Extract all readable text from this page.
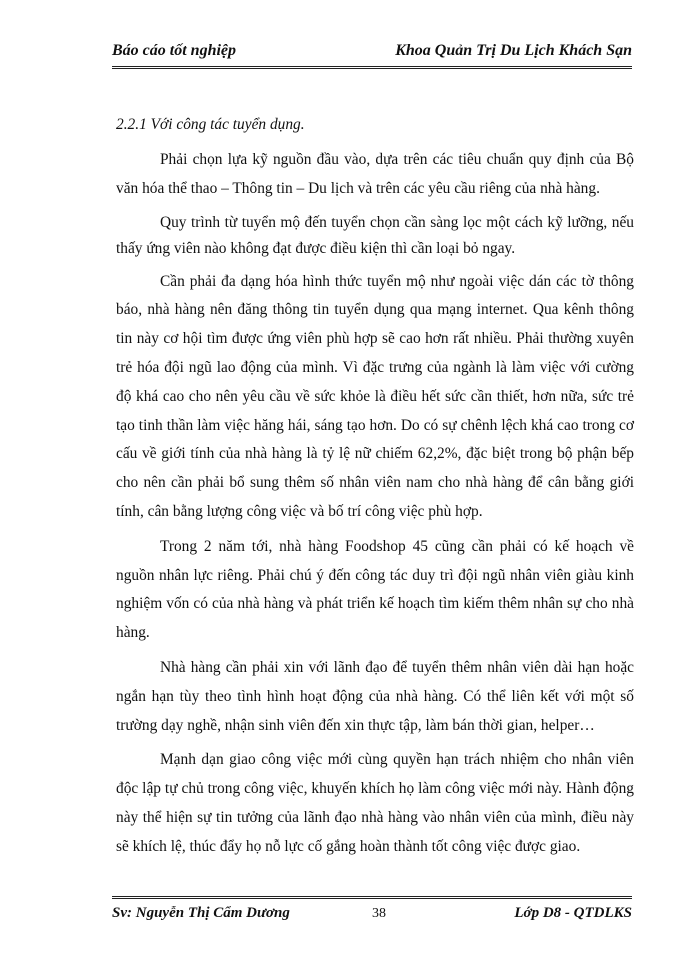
Báo cáo tốt nghiệp	Khoa Quản Trị Du Lịch Khách Sạn
2.2.1 Với công tác tuyển dụng.

Phải chọn lựa kỹ nguồn đầu vào, dựa trên các tiêu chuẩn quy định của Bộ văn hóa thể thao – Thông tin – Du lịch và trên các yêu cầu riêng của nhà hàng.

Quy trình từ tuyển mộ đến tuyển chọn cần sàng lọc một cách kỹ lưỡng, nếu thấy ứng viên nào không đạt được điều kiện thì cần loại bỏ ngay.

Cần phải đa dạng hóa hình thức tuyển mộ như ngoài việc dán các tờ thông báo, nhà hàng nên đăng thông tin tuyển dụng qua mạng internet. Qua kênh thông tin này cơ hội tìm được ứng viên phù hợp sẽ cao hơn rất nhiều. Phải thường xuyên trẻ hóa đội ngũ lao động của mình. Vì đặc trưng của ngành là làm việc với cường độ khá cao cho nên yêu cầu về sức khỏe là điều hết sức cần thiết, hơn nữa, sức trẻ tạo tinh thần làm việc hăng hái, sáng tạo hơn. Do có sự chênh lệch khá cao trong cơ cấu về giới tính của nhà hàng là tỷ lệ nữ chiếm 62,2%, đặc biệt trong bộ phận bếp cho nên cần phải bổ sung thêm số nhân viên nam cho nhà hàng để cân bằng giới tính, cân bằng lượng công việc và bố trí công việc phù hợp.

Trong 2 năm tới, nhà hàng Foodshop 45 cũng cần phải có kế hoạch về nguồn nhân lực riêng. Phải chú ý đến công tác duy trì đội ngũ nhân viên giàu kinh nghiệm vốn có của nhà hàng và phát triển kế hoạch tìm kiếm thêm nhân sự cho nhà hàng.

Nhà hàng cần phải xin với lãnh đạo để tuyển thêm nhân viên dài hạn hoặc ngắn hạn tùy theo tình hình hoạt động của nhà hàng. Có thể liên kết với một số trường dạy nghề, nhận sinh viên đến xin thực tập, làm bán thời gian, helper…

Mạnh dạn giao công việc mới cùng quyền hạn trách nhiệm cho nhân viên độc lập tự chủ trong công việc, khuyến khích họ làm công việc mới này. Hành động này thể hiện sự tin tưởng của lãnh đạo nhà hàng vào nhân viên của mình, điều này sẽ khích lệ, thúc đẩy họ nỗ lực cố gắng hoàn thành tốt công việc được giao.

Sv: Nguyễn Thị Cẩm Dương	38	Lớp D8 - QTDLKS
